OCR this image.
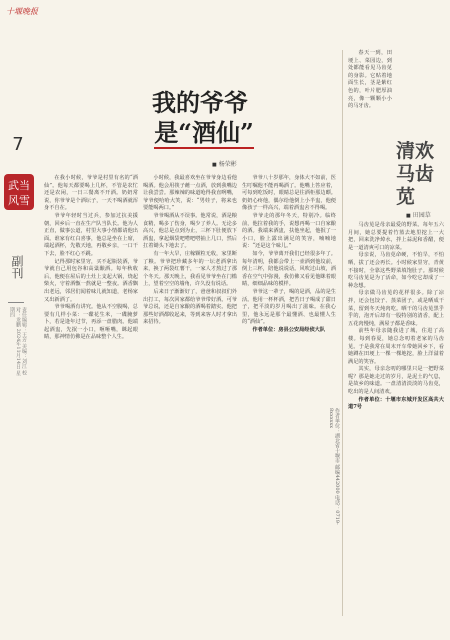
十堰晚报
7
武当
风雪
副刊
责任编辑：王芳 美编：刘江 校对：龙鹏 2024年11月14日 星期四
我的爷爷
是“酒仙”
■ 杨荣彬

在我小时候，爷爷是村里有名的“酒仙”。他每天都要喝上几杯，不管是农忙还是农闲，一日三餐离不开酒。奶奶常说，你爷爷是个酒坛子，一天不喝酒就浑身不自在。

爷爷年轻时当过兵，参加过抗美援朝，回乡后一直在生产队当队长。他为人正直，做事公道，村里大事小情都请他出面。谁家有红白喜事，他总是坐在上席，端起酒杯，先敬天地，再敬乡亲，一口干下去，脸不红心不跳。

记得那时家里穷，买不起瓶装酒，爷爷就自己用包谷和高粱酿酒。每年秋收后，他便在屋后的土灶上支起大锅，烧起柴火，守着酒甑一熬就是一整夜。酒香飘出老远，邻居们闻着味儿就知道，老杨家又出新酒了。

爷爷喝酒有讲究。他从不空腹喝，总要有几样小菜：一碟花生米，一碟腌萝卜，若是逢年过节，再添一盘腊肉。他端起酒盅，先抿一小口，咂咂嘴，眯起眼睛，那神情仿佛是在品味整个人生。

小时候，我最喜欢坐在爷爷身边看他喝酒。他会用筷子蘸一点酒，放到我嘴边让我尝尝。那辣辣的味道呛得我直咧嘴，爷爷便哈哈大笑，说：“男娃子，将来也要能喝两口。”

爷爷喝酒从不误事。他常说，酒是粮食精，喝多了伤身，喝少了养人。无论多高兴，他总是点到为止，三杯下肚便放下酒盅，拿起烟袋吧嗒吧嗒抽上几口，然后扛着锄头下地去了。

有一年大旱，庄稼颗粒无收，家里断了粮。爷爷把珍藏多年的一坛老酒拿出来，换了两袋红薯干，一家人才熬过了那个冬天。那天晚上，我看见爷爷坐在门槛上，望着空空的墙角，许久没有说话。

后来日子渐渐好了，爸爸和叔叔们外出打工，每次回家都给爷爷带好酒。可爷爷总说，还是自家酿的酒喝着踏实。他把那些好酒都收起来，等到来客人时才拿出来招待。

爷爷八十岁那年，身体大不如前，医生叮嘱他不能再喝酒了。他嘴上答应着，可每到吃饭时，眼睛总是往酒柜那边瞟。奶奶心疼他，偶尔给他倒上小半盅，他便像孩子一样高兴，端着酒盅舍不得喝。

爷爷走的那年冬天，特别冷。临终前，他拉着我的手，说想再喝一口自家酿的酒。我端来酒盅，扶他坐起，他抿了一小口，脸上露出满足的笑容，喃喃地说：“还是这个味儿。”

如今，爷爷离开我们已经很多年了。每年清明，我都会带上一壶酒到他坟前，倒上三杯，陪他说说话。风吹过山坡，酒香在空气中弥漫，我仿佛又看见他眯着眼睛，细细品味的模样。

爷爷这一辈子，喝的是酒，品的是生活。他用一杯杯酒，把苦日子喝成了甜日子，把平淡的岁月喝出了滋味。在我心里，他永远是那个最懂酒、也最懂人生的“酒仙”。

作者单位：房县公安局经侦大队

作者单位：湖北省十堰市 邮编442000 电话：0719-8xxxxxx

春天一到，田埂上、菜园边，到处都能看见马齿苋的身影。它贴着地面生长，茎是紫红色的，叶片肥厚油亮，像一颗颗小小的马牙齿。

清欢马齿苋
■ 田园草

马齿苋是母亲最爱的野菜。每年五六月间，她总要提着竹篮去地里挖上一大把，回来洗净焯水，拌上蒜泥和香醋，便是一道清爽可口的凉菜。

母亲说，马齿苋命硬，不怕旱，不怕晒，拔了还会再长。小时候家里穷，青黄不接时，全靠这些野菜填饱肚子。那时候吃马齿苋是为了活命，如今吃它却成了一种念想。

母亲做马齿苋的花样很多。除了凉拌，还会包饺子、蒸菜团子，或是晒成干菜，留到冬天炖肉吃。晒干的马齿苋黑乎乎的，泡开后却有一股特别的清香，配上五花肉慢炖，满屋子都是香味。

前些年母亲随我进了城，住进了高楼。每到春夏，她总念叨着老家的马齿苋。于是我常在周末开车带她回乡下，看她蹲在田埂上一棵一棵地挖，脸上洋溢着满足的笑容。

其实，母亲念叨的哪里只是一把野菜呢？那是她走过的岁月，是泥土的气息，是故乡的味道。一盘清清淡淡的马齿苋，吃出的是人间清欢。

作者单位：十堰市东城开发区高共大道7号
